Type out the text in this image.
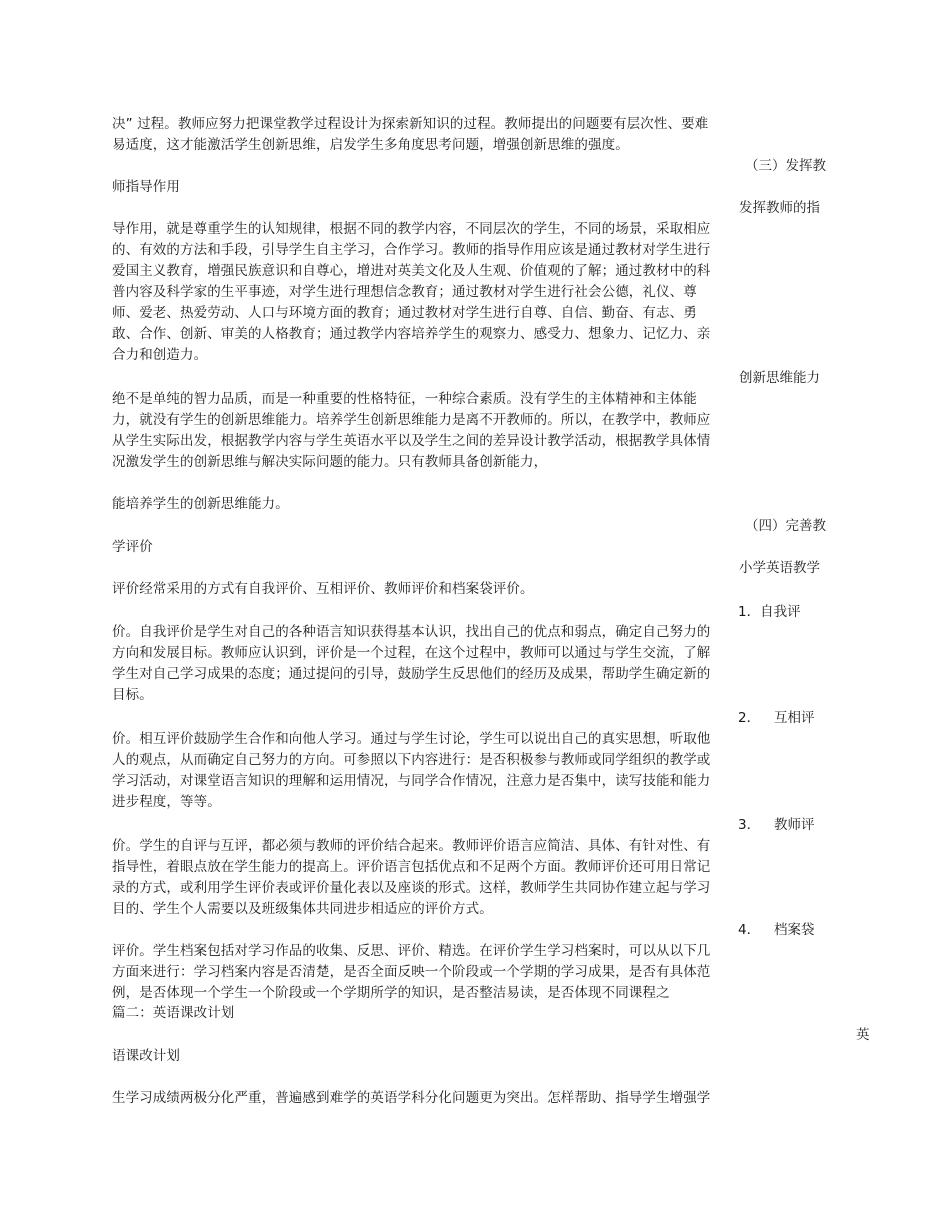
决” 过程。教师应努力把课堂教学过程设计为探索新知识的过程。教师提出的问题要有层次性、要难
易适度，这才能激活学生创新思维，启发学生多角度思考问题，增强创新思维的强度。
（三）发挥教
师指导作用
发挥教师的指
导作用，就是尊重学生的认知规律，根据不同的教学内容，不同层次的学生，不同的场景，采取相应
的、有效的方法和手段，引导学生自主学习，合作学习。教师的指导作用应该是通过教材对学生进行
爱国主义教育，增强民族意识和自尊心，增进对英美文化及人生观、价值观的了解；通过教材中的科
普内容及科学家的生平事迹，对学生进行理想信念教育；通过教材对学生进行社会公德，礼仪、尊
师、爱老、热爱劳动、人口与环境方面的教育；通过教材对学生进行自尊、自信、勤奋、有志、勇
敢、合作、创新、审美的人格教育；通过教学内容培养学生的观察力、感受力、想象力、记忆力、亲
合力和创造力。
创新思维能力
绝不是单纯的智力品质，而是一种重要的性格特征，一种综合素质。没有学生的主体精神和主体能
力，就没有学生的创新思维能力。培养学生创新思维能力是离不开教师的。所以，在教学中，教师应
从学生实际出发，根据教学内容与学生英语水平以及学生之间的差异设计教学活动，根据教学具体情
况激发学生的创新思维与解决实际问题的能力。只有教师具备创新能力，
能培养学生的创新思维能力。
（四）完善教
学评价
小学英语教学
评价经常采用的方式有自我评价、互相评价、教师评价和档案袋评价。
1．自我评
价。自我评价是学生对自己的各种语言知识获得基本认识，找出自己的优点和弱点，确定自己努力的
方向和发展目标。教师应认识到，评价是一个过程，在这个过程中，教师可以通过与学生交流，了解
学生对自己学习成果的态度；通过提问的引导，鼓励学生反思他们的经历及成果，帮助学生确定新的
目标。
2． 互相评
价。相互评价鼓励学生合作和向他人学习。通过与学生讨论，学生可以说出自己的真实思想，听取他
人的观点，从而确定自己努力的方向。可参照以下内容进行：是否积极参与教师或同学组织的教学或
学习活动，对课堂语言知识的理解和运用情况，与同学合作情况，注意力是否集中，读写技能和能力
进步程度，等等。
3． 教师评
价。学生的自评与互评，都必须与教师的评价结合起来。教师评价语言应简洁、具体、有针对性、有
指导性，着眼点放在学生能力的提高上。评价语言包括优点和不足两个方面。教师评价还可用日常记
录的方式，或利用学生评价表或评价量化表以及座谈的形式。这样，教师学生共同协作建立起与学习
目的、学生个人需要以及班级集体共同进步相适应的评价方式。
4． 档案袋
评价。学生档案包括对学习作品的收集、反思、评价、精选。在评价学生学习档案时，可以从以下几
方面来进行：学习档案内容是否清楚，是否全面反映一个阶段或一个学期的学习成果，是否有具体范
例，是否体现一个学生一个阶段或一个学期所学的知识，是否整洁易读，是否体现不同课程之
篇二：英语课改计划
英
语课改计划
生学习成绩两极分化严重，普遍感到难学的英语学科分化问题更为突出。怎样帮助、指导学生增强学
